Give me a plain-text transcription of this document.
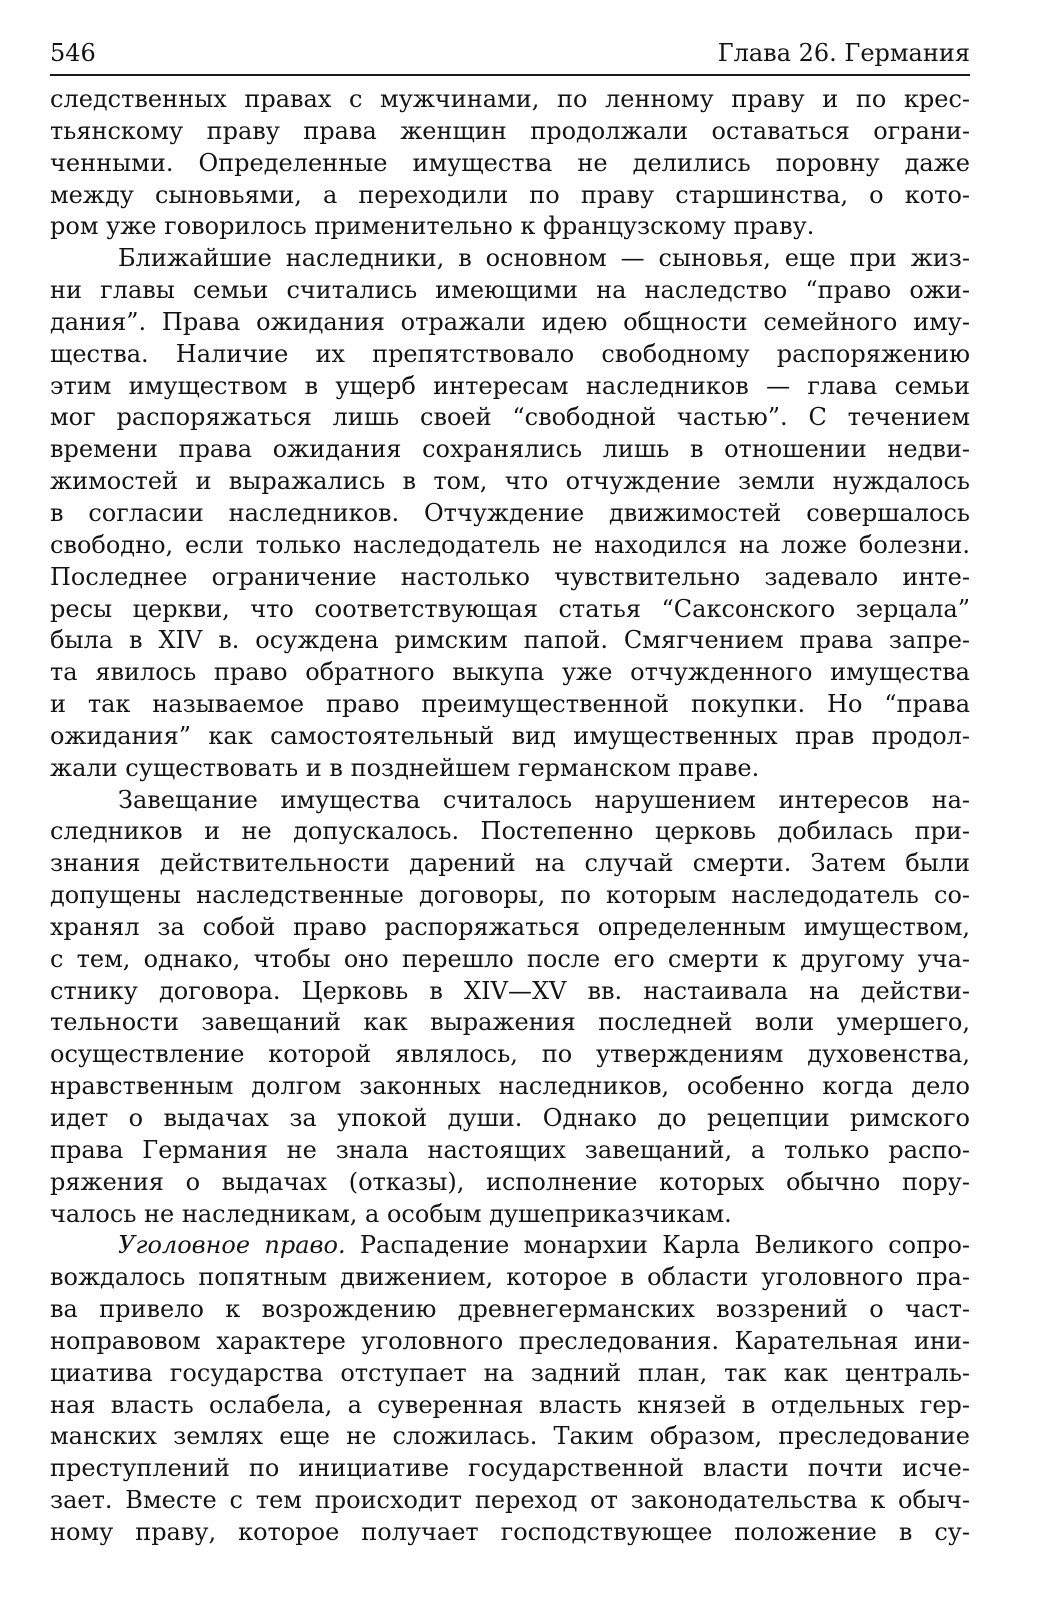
546	Глава 26. Германия
следственных правах с мужчинами, по ленному праву и по крес-
тьянскому праву права женщин продолжали оставаться ограни-
ченными. Определенные имущества не делились поровну даже
между сыновьями, а переходили по праву старшинства, о кото-
ром уже говорилось применительно к французскому праву.
Ближайшие наследники, в основном — сыновья, еще при жиз-
ни главы семьи считались имеющими на наследство “право ожи-
дания”. Права ожидания отражали идею общности семейного иму-
щества. Наличие их препятствовало свободному распоряжению
этим имуществом в ущерб интересам наследников — глава семьи
мог распоряжаться лишь своей “свободной частью”. С течением
времени права ожидания сохранялись лишь в отношении недви-
жимостей и выражались в том, что отчуждение земли нуждалось
в согласии наследников. Отчуждение движимостей совершалось
свободно, если только наследодатель не находился на ложе болезни.
Последнее ограничение настолько чувствительно задевало инте-
ресы церкви, что соответствующая статья “Саксонского зерцала”
была в XIV в. осуждена римским папой. Смягчением права запре-
та явилось право обратного выкупа уже отчужденного имущества
и так называемое право преимущественной покупки. Но “права
ожидания” как самостоятельный вид имущественных прав продол-
жали существовать и в позднейшем германском праве.
Завещание имущества считалось нарушением интересов на-
следников и не допускалось. Постепенно церковь добилась при-
знания действительности дарений на случай смерти. Затем были
допущены наследственные договоры, по которым наследодатель со-
хранял за собой право распоряжаться определенным имуществом,
с тем, однако, чтобы оно перешло после его смерти к другому уча-
стнику договора. Церковь в XIV—XV вв. настаивала на действи-
тельности завещаний как выражения последней воли умершего,
осуществление которой являлось, по утверждениям духовенства,
нравственным долгом законных наследников, особенно когда дело
идет о выдачах за упокой души. Однако до рецепции римского
права Германия не знала настоящих завещаний, а только распо-
ряжения о выдачах (отказы), исполнение которых обычно пору-
чалось не наследникам, а особым душеприказчикам.
Уголовное право. Распадение монархии Карла Великого сопро-
вождалось попятным движением, которое в области уголовного пра-
ва привело к возрождению древнегерманских воззрений о част-
ноправовом характере уголовного преследования. Карательная ини-
циатива государства отступает на задний план, так как централь-
ная власть ослабела, а суверенная власть князей в отдельных гер-
манских землях еще не сложилась. Таким образом, преследование
преступлений по инициативе государственной власти почти исче-
зает. Вместе с тем происходит переход от законодательства к обыч-
ному праву, которое получает господствующее положение в су-
